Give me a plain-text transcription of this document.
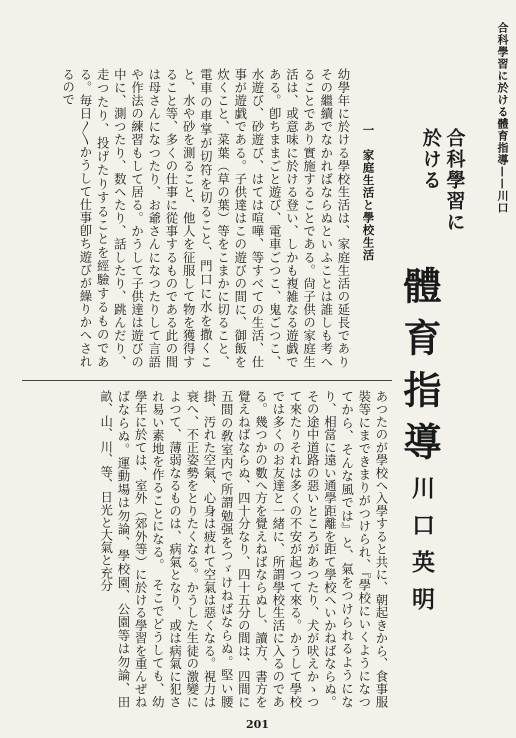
合科學習に於ける體育指導——川口
合科學習に於ける
體育指導
川口英明
一　家庭生活と學校生活
幼學年に於ける學校生活は、家庭生活の延長でありその繼續でなかればならぬといふことは誰しも考へることであり實施することである。尙子供の家庭生活は、或意味に於ける登い、しかも複雑なる遊戯である。卽ちままごと遊び、電車ごつこ、鬼ごつこ、水遊び、砂遊び、はては喧嘩、等すべての生活、仕事が遊戯である。子供達はこの遊びの間に、御飯を炊くこと、菜葉（草の葉）等をこまかに切ること、電車の車掌が切符を切ること、門口に水を撒くこと、水や砂を測ること、他人を征服して物を獲得すること等、多くの仕事に從事するものである此の間は母さんになつたり、お爺さんになつたりして言語や作法の練習もして居る。かうして子供達は遊びの中に、測つたり、数へたり、話したり、跳んだり、走つたり、投げたりすることを經驗するものである。毎日〳〵かうして仕事卽ち遊びが繰りかへされるので
あつたのが學校へ入學すると共に、朝起きから、食事服裝等にまできまりがつけられ、『學校にいくようになつてから、そんな風では』と、氣をつけられるようになり、相當に遠い通學距離を距て學校へいかねばならぬ。その途中道路の惡いところがあつたり、犬が吠えかゝつて來たりそれは多くの不安が起つて來る。かうして學校では多くのお友達と一緒に、所謂學校生活に入るのである。幾つかの數へ方を覺えねばならぬし、讀方、書方を覺えねばならぬ、四十分なり、四十五分の間は、四間に五間の敎室内で所謂勉强をつゞけねばならぬ。堅い腰掛、汚れた空氣、心身は疲れて空氣は惡くなる。視力は衰へ、不正姿勢をとりたくなる。かうした生徒の激變によつて、薄弱なるものは、病氣となり、或は病氣に犯され易い素地を作ることになる。　そこでどうしても、幼學年に於ては、室外（郊外等）に於ける學習を重んぜねばならぬ。運動場は勿論、學校園、公園等は勿論、田畝、山、川、等、日光と大氣と充分
201
